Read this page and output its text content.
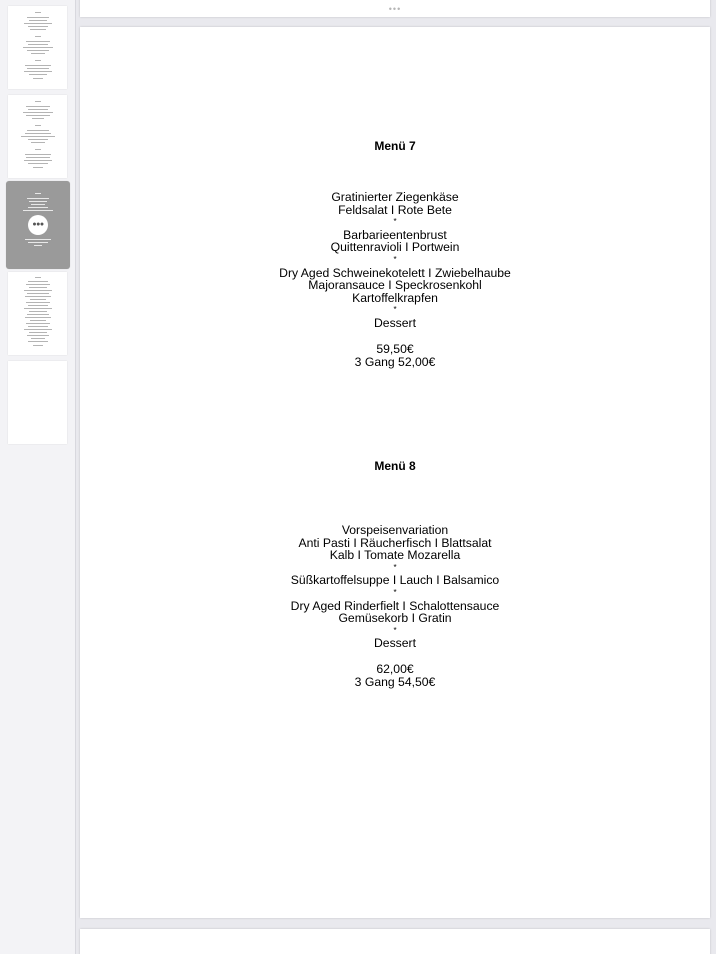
●●●
•••
Menü 7
Gratinierter Ziegenkäse
Feldsalat I Rote Bete
*
Barbarieentenbrust
Quittenravioli I Portwein
*
Dry Aged Schweinekotelett I Zwiebelhaube
Majoransauce I Speckrosenkohl
Kartoffelkrapfen
*
Dessert
59,50€
3 Gang 52,00€
Menü 8
Vorspeisenvariation
Anti Pasti I Räucherfisch I Blattsalat
Kalb I Tomate Mozarella
*
Süßkartoffelsuppe I Lauch I Balsamico
*
Dry Aged Rinderfielt I Schalottensauce
Gemüsekorb I Gratin
*
Dessert
62,00€
3 Gang 54,50€
